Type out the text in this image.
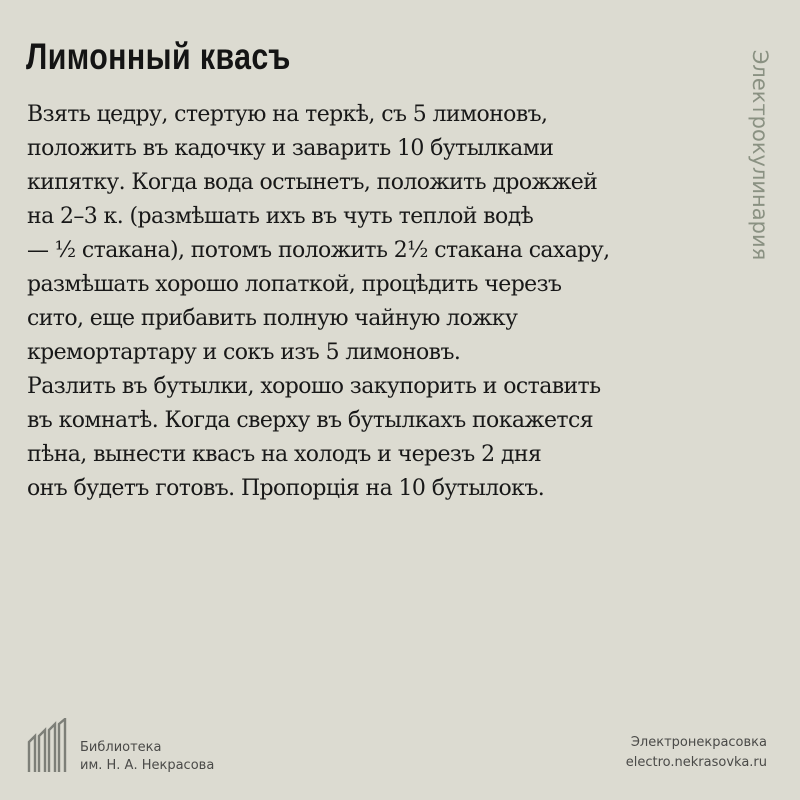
Лимонный квасъ	Электрокулинария
Взять цедру, стертую на теркѣ, съ 5 лимоновъ,
положить въ кадочку и заварить 10 бутылками
кипятку. Когда вода остынетъ, положить дрожжей
на 2–3 к. (размѣшать ихъ въ чуть теплой водѣ
— ½ стакана), потомъ положить 2½ стакана сахару,
размѣшать хорошо лопаткой, процѣдить черезъ
сито, еще прибавить полную чайную ложку
кремортартару и сокъ изъ 5 лимоновъ.
Разлить въ бутылки, хорошо закупорить и оставить
въ комнатѣ. Когда сверху въ бутылкахъ покажется
пѣна, вынести квасъ на холодъ и черезъ 2 дня
онъ будетъ готовъ. Пропорція на 10 бутылокъ.
Библиотека
им. Н. А. Некрасова
Электронекрасовка
electro.nekrasovka.ru
